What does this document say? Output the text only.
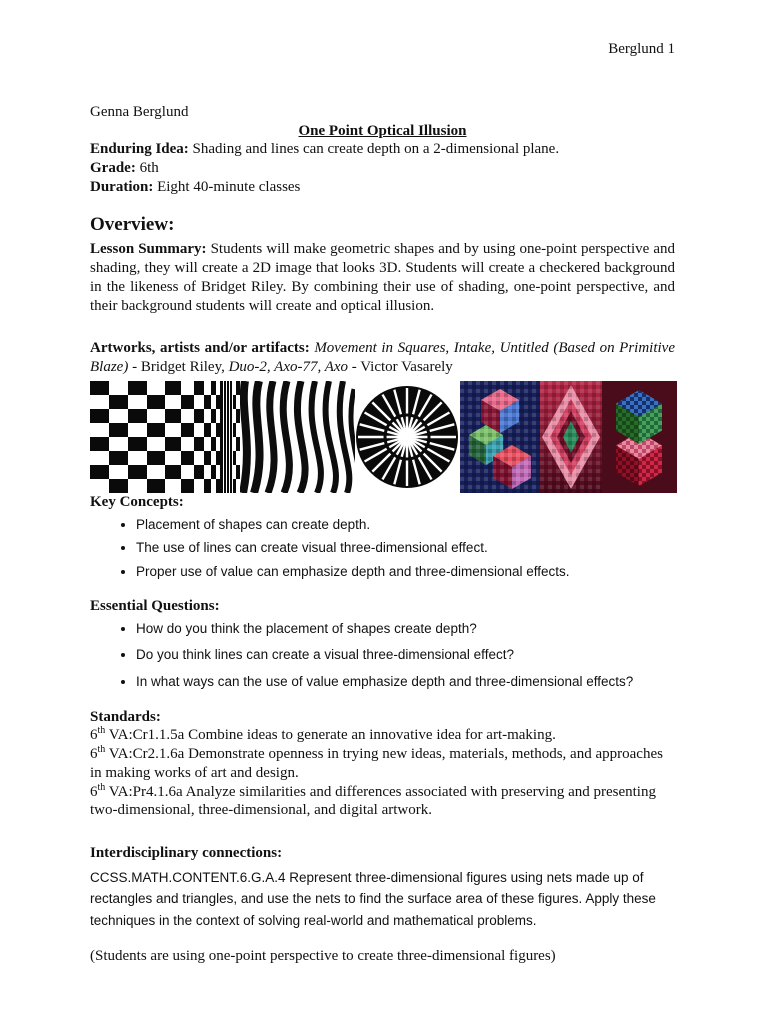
Berglund 1

Genna Berglund

One Point Optical Illusion

Enduring Idea: Shading and lines can create depth on a 2-dimensional plane.

Grade: 6th

Duration: Eight 40-minute classes

Overview:

Lesson Summary: Students will make geometric shapes and by using one-point perspective and shading, they will create a 2D image that looks 3D. Students will create a checkered background in the likeness of Bridget Riley. By combining their use of shading, one-point perspective, and their background students will create and optical illusion.

Artworks, artists and/or artifacts: Movement in Squares, Intake, Untitled (Based on Primitive Blaze) - Bridget Riley, Duo-2, Axo-77, Axo - Victor Vasarely

Key Concepts:

• Placement of shapes can create depth.
• The use of lines can create visual three-dimensional effect.
• Proper use of value can emphasize depth and three-dimensional effects.

Essential Questions:

• How do you think the placement of shapes create depth?
• Do you think lines can create a visual three-dimensional effect?
• In what ways can the use of value emphasize depth and three-dimensional effects?

Standards:

6th VA:Cr1.1.5a Combine ideas to generate an innovative idea for art-making.
6th VA:Cr2.1.6a Demonstrate openness in trying new ideas, materials, methods, and approaches in making works of art and design.
6th VA:Pr4.1.6a Analyze similarities and differences associated with preserving and presenting two-dimensional, three-dimensional, and digital artwork.

Interdisciplinary connections:

CCSS.MATH.CONTENT.6.G.A.4 Represent three-dimensional figures using nets made up of rectangles and triangles, and use the nets to find the surface area of these figures. Apply these techniques in the context of solving real-world and mathematical problems.

(Students are using one-point perspective to create three-dimensional figures)
